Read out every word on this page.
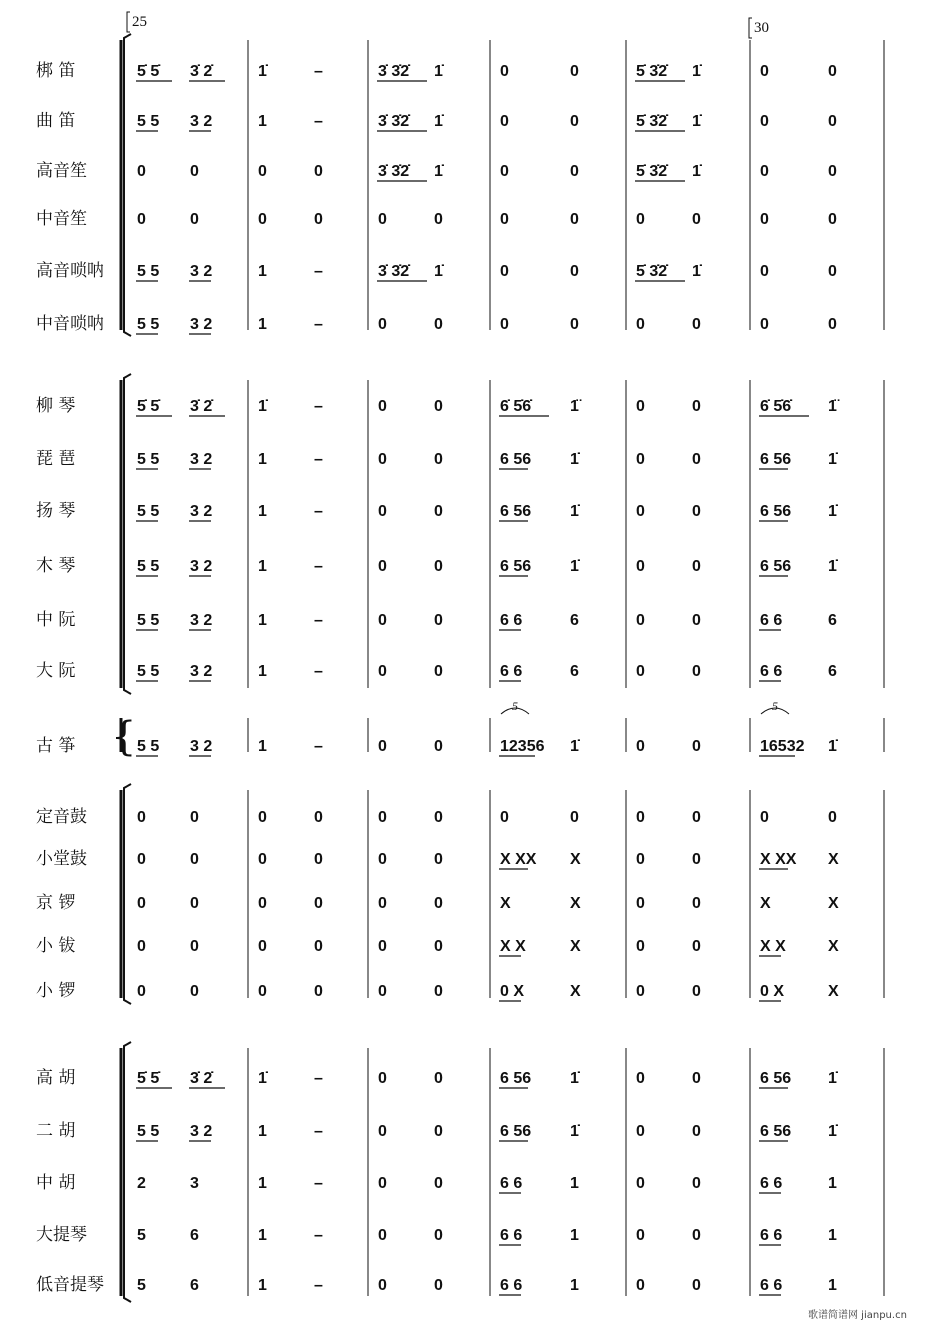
{
梆 笛	5̇ 5̇ 3̇ 2̇	1̇	–	3̇ 3̇2̇ 1̇	0	0	5̇ 3̇2̇ 1̇	0	0
曲 笛	5 5 3 2	1	–	3̇ 3̇2̇ 1̇	0	0	5̇ 3̇2̇ 1̇	0	0
高音笙	0	0	0	0	3̇ 3̇2̇ 1̇	0	0	5̇ 3̇2̇ 1̇	0	0
中音笙	0	0	0	0	0	0	0	0	0	0	0	0
高音唢呐 5 5 3 2	1	–	3̇ 3̇2̇ 1̇	0	0	5̇ 3̇2̇ 1̇	0	0
中音唢呐 5 5 3 2	1	–	0	0	0	0	0	0	0	0
柳 琴	5̇ 5̇ 3̇ 2̇	1̇	–	0	0	6̇ 5̇6̇ 1̈	0	0	6̇ 5̇6̇ 1̈
琵 琶	5 5 3 2	1	–	0	0	6 56 1̇	0	0	6 56 1̇
扬 琴	5 5 3 2	1	–	0	0	6 56 1̇	0	0	6 56 1̇
木 琴	5 5 3 2	1	–	0	0	6 56 1̇	0	0	6 56 1̇
中 阮	5 5 3 2	1	–	0	0	6 6	6	0	0	6 6	6
大 阮	5 5 3 2	1	–	0	0	6 6	6	0	0	6 6	6
古 筝	5 5 3 2	1	–	0	0	12356 1̇	0	0	16532 1̇
定音鼓	0	0	0	0	0	0	0	0	0	0	0	0
小堂鼓	0	0	0	0	0	0	X XX X	0	0	X XX X
京 锣	0	0	0	0	0	0	X	X	0	0	X	X
小 钹	0	0	0	0	0	0	X X	X	0	0	X X	X
小 锣	0	0	0	0	0	0	0 X	X	0	0	0 X	X
高 胡	5̇ 5̇ 3̇ 2̇	1̇	–	0	0	6 56 1̇	0	0	6 56 1̇
二 胡	5 5 3 2	1	–	0	0	6 56 1̇	0	0	6 56 1̇
中 胡	2	3	1	–	0	0	6 6	1	0	0	6 6	1
大提琴	5	6	1	–	0	0	6 6	1	0	0	6 6	1
低音提琴 5	6	1	–	0	0	6 6	1	0	0	6 6	1
5	5
25	30
歌谱简谱网 jianpu.cn
